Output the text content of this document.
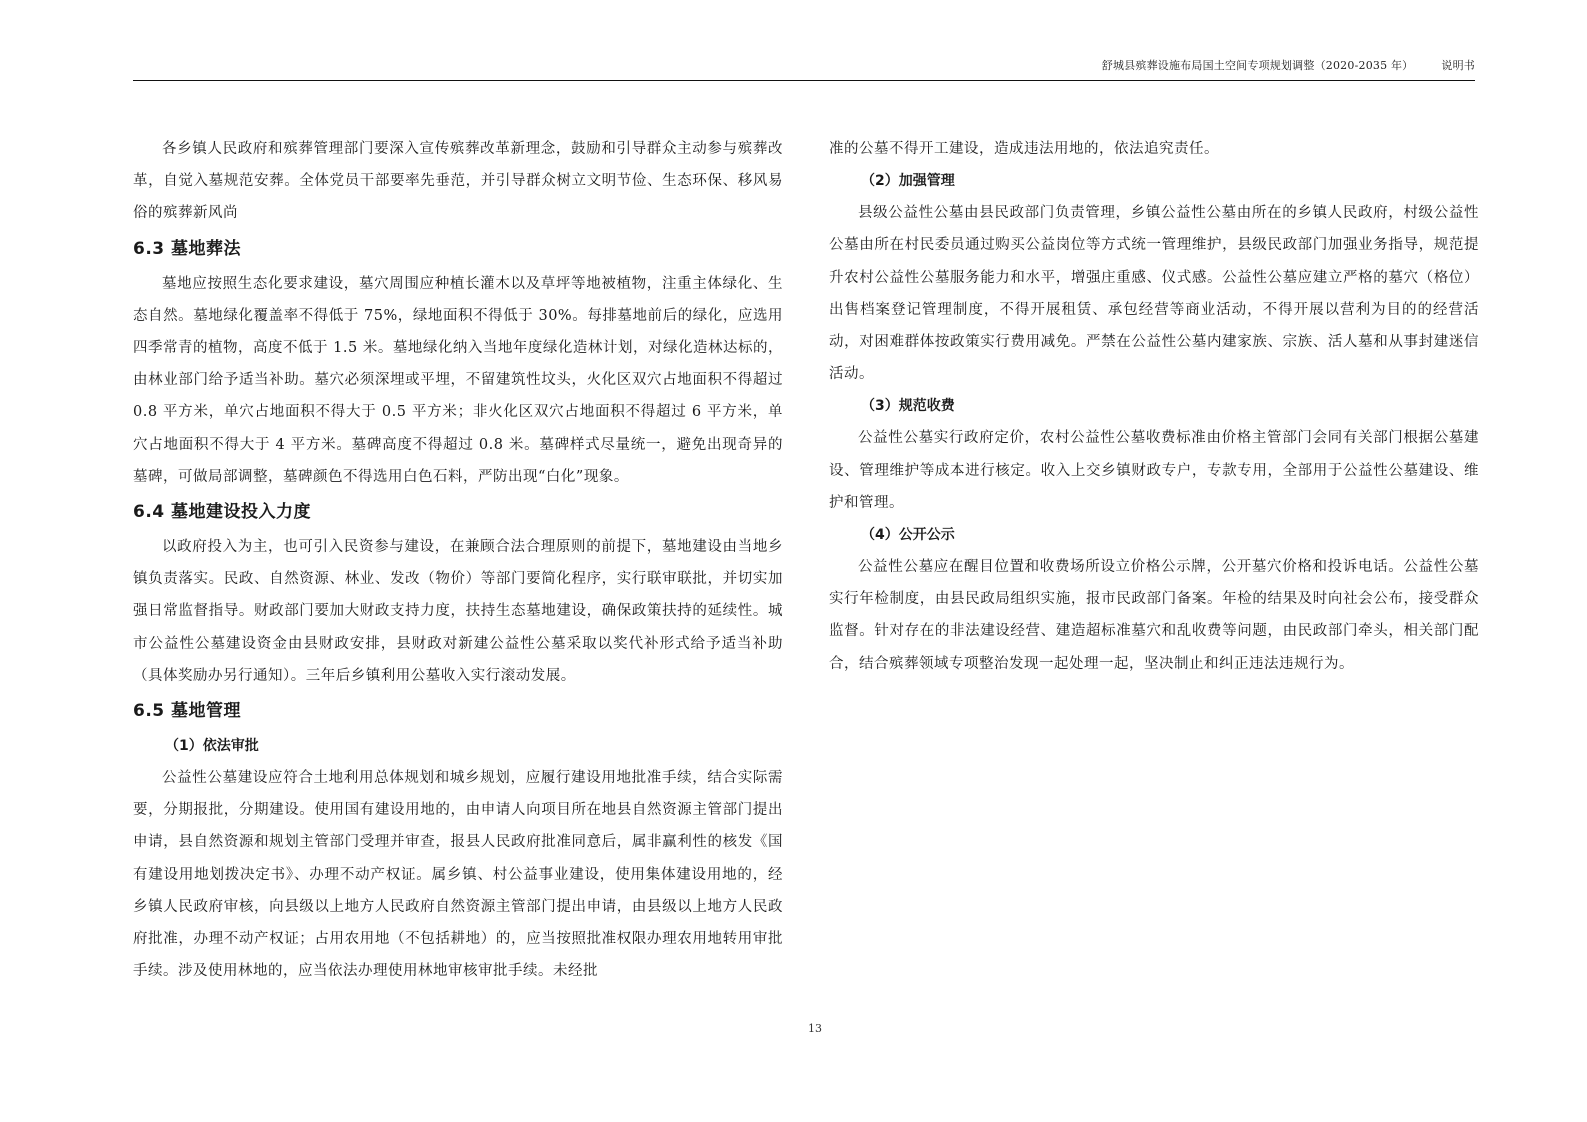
舒城县殡葬设施布局国土空间专项规划调整（2020-2035 年）	说明书

各乡镇人民政府和殡葬管理部门要深入宣传殡葬改革新理念，鼓励和引导群众主动参与殡葬改革，自觉入墓规范安葬。全体党员干部要率先垂范，并引导群众树立文明节俭、生态环保、移风易俗的殡葬新风尚

6.3 墓地葬法

墓地应按照生态化要求建设，墓穴周围应种植长灌木以及草坪等地被植物，注重主体绿化、生态自然。墓地绿化覆盖率不得低于 75%，绿地面积不得低于 30%。每排墓地前后的绿化，应选用四季常青的植物，高度不低于 1.5 米。墓地绿化纳入当地年度绿化造林计划，对绿化造林达标的，由林业部门给予适当补助。墓穴必须深埋或平埋，不留建筑性坟头，火化区双穴占地面积不得超过 0.8 平方米，单穴占地面积不得大于 0.5 平方米；非火化区双穴占地面积不得超过 6 平方米，单穴占地面积不得大于 4 平方米。墓碑高度不得超过 0.8 米。墓碑样式尽量统一，避免出现奇异的墓碑，可做局部调整，墓碑颜色不得选用白色石料，严防出现“白化”现象。

6.4 墓地建设投入力度

以政府投入为主，也可引入民资参与建设，在兼顾合法合理原则的前提下，墓地建设由当地乡镇负责落实。民政、自然资源、林业、发改（物价）等部门要简化程序，实行联审联批，并切实加强日常监督指导。财政部门要加大财政支持力度，扶持生态墓地建设，确保政策扶持的延续性。城市公益性公墓建设资金由县财政安排，县财政对新建公益性公墓采取以奖代补形式给予适当补助（具体奖励办另行通知）。三年后乡镇利用公墓收入实行滚动发展。

6.5 墓地管理
（1）依法审批

公益性公墓建设应符合土地利用总体规划和城乡规划，应履行建设用地批准手续，结合实际需要，分期报批，分期建设。使用国有建设用地的，由申请人向项目所在地县自然资源主管部门提出申请，县自然资源和规划主管部门受理并审查，报县人民政府批准同意后，属非赢利性的核发《国有建设用地划拨决定书》、办理不动产权证。属乡镇、村公益事业建设，使用集体建设用地的，经乡镇人民政府审核，向县级以上地方人民政府自然资源主管部门提出申请，由县级以上地方人民政府批准，办理不动产权证；占用农用地（不包括耕地）的，应当按照批准权限办理农用地转用审批手续。涉及使用林地的，应当依法办理使用林地审核审批手续。未经批

准的公墓不得开工建设，造成违法用地的，依法追究责任。

（2）加强管理

县级公益性公墓由县民政部门负责管理，乡镇公益性公墓由所在的乡镇人民政府，村级公益性公墓由所在村民委员通过购买公益岗位等方式统一管理维护，县级民政部门加强业务指导，规范提升农村公益性公墓服务能力和水平，增强庄重感、仪式感。公益性公墓应建立严格的墓穴（格位）出售档案登记管理制度，不得开展租赁、承包经营等商业活动，不得开展以营利为目的的经营活动，对困难群体按政策实行费用减免。严禁在公益性公墓内建家族、宗族、活人墓和从事封建迷信活动。

（3）规范收费

公益性公墓实行政府定价，农村公益性公墓收费标准由价格主管部门会同有关部门根据公墓建设、管理维护等成本进行核定。收入上交乡镇财政专户，专款专用，全部用于公益性公墓建设、维护和管理。

（4）公开公示

公益性公墓应在醒目位置和收费场所设立价格公示牌，公开墓穴价格和投诉电话。公益性公墓实行年检制度，由县民政局组织实施，报市民政部门备案。年检的结果及时向社会公布，接受群众监督。针对存在的非法建设经营、建造超标准墓穴和乱收费等问题，由民政部门牵头，相关部门配合，结合殡葬领域专项整治发现一起处理一起，坚决制止和纠正违法违规行为。

13
